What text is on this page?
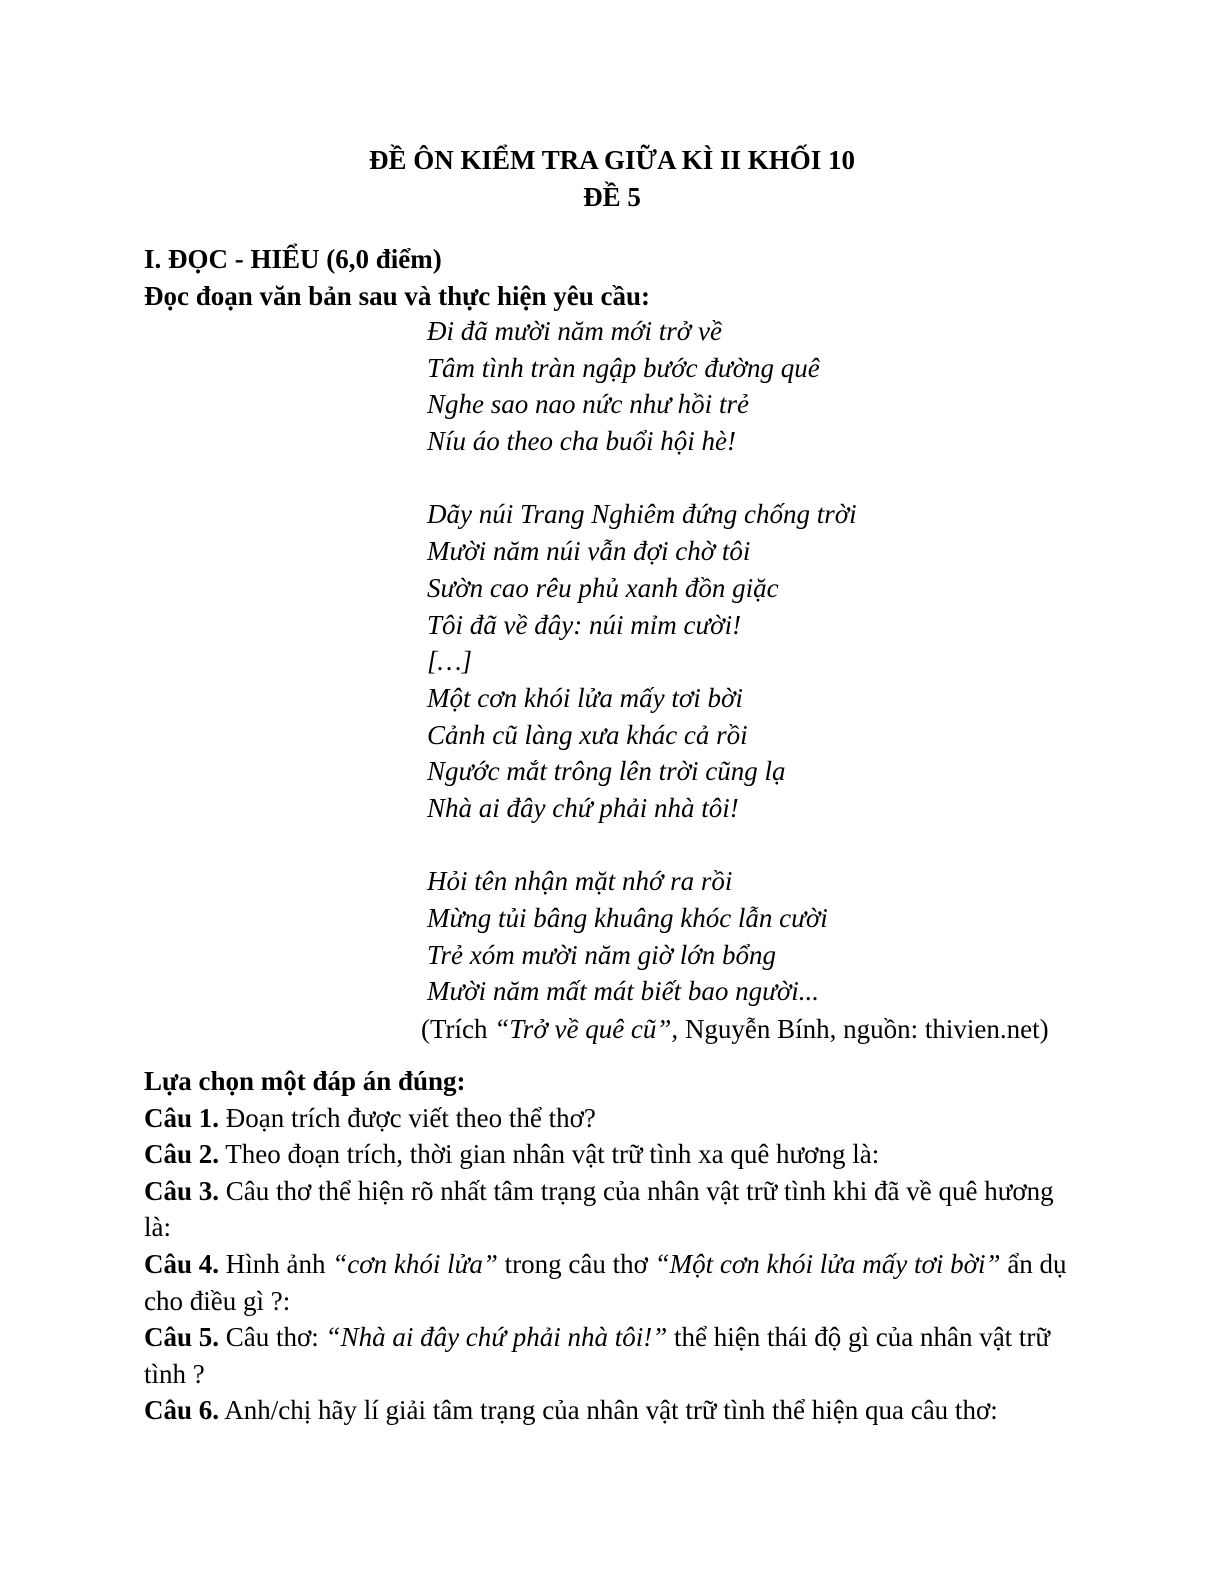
ĐỀ ÔN KIỂM TRA GIỮA KÌ II KHỐI 10
ĐỀ 5
I. ĐỌC - HIỂU (6,0 điểm)
Đọc đoạn văn bản sau và thực hiện yêu cầu:
Đi đã mười năm mới trở về
Tâm tình tràn ngập bước đường quê
Nghe sao nao nức như hồi trẻ
Níu áo theo cha buổi hội hè!
Dãy núi Trang Nghiêm đứng chống trời
Mười năm núi vẫn đợi chờ tôi
Sườn cao rêu phủ xanh đồn giặc
Tôi đã về đây: núi mỉm cười!
[…]
Một cơn khói lửa mấy tơi bời
Cảnh cũ làng xưa khác cả rồi
Ngước mắt trông lên trời cũng lạ
Nhà ai đây chứ phải nhà tôi!
Hỏi tên nhận mặt nhớ ra rồi
Mừng tủi bâng khuâng khóc lẫn cười
Trẻ xóm mười năm giờ lớn bổng
Mười năm mất mát biết bao người...
(Trích “Trở về quê cũ”, Nguyễn Bính, nguồn: thivien.net)

Lựa chọn một đáp án đúng:

Câu 1. Đoạn trích được viết theo thể thơ?

Câu 2. Theo đoạn trích, thời gian nhân vật trữ tình xa quê hương là:

Câu 3. Câu thơ thể hiện rõ nhất tâm trạng của nhân vật trữ tình khi đã về quê hương là:

Câu 4. Hình ảnh “cơn khói lửa” trong câu thơ “Một cơn khói lửa mấy tơi bời” ẩn dụ cho điều gì ?:

Câu 5. Câu thơ: “Nhà ai đây chứ phải nhà tôi!” thể hiện thái độ gì của nhân vật trữ tình ?

Câu 6. Anh/chị hãy lí giải tâm trạng của nhân vật trữ tình thể hiện qua câu thơ:
